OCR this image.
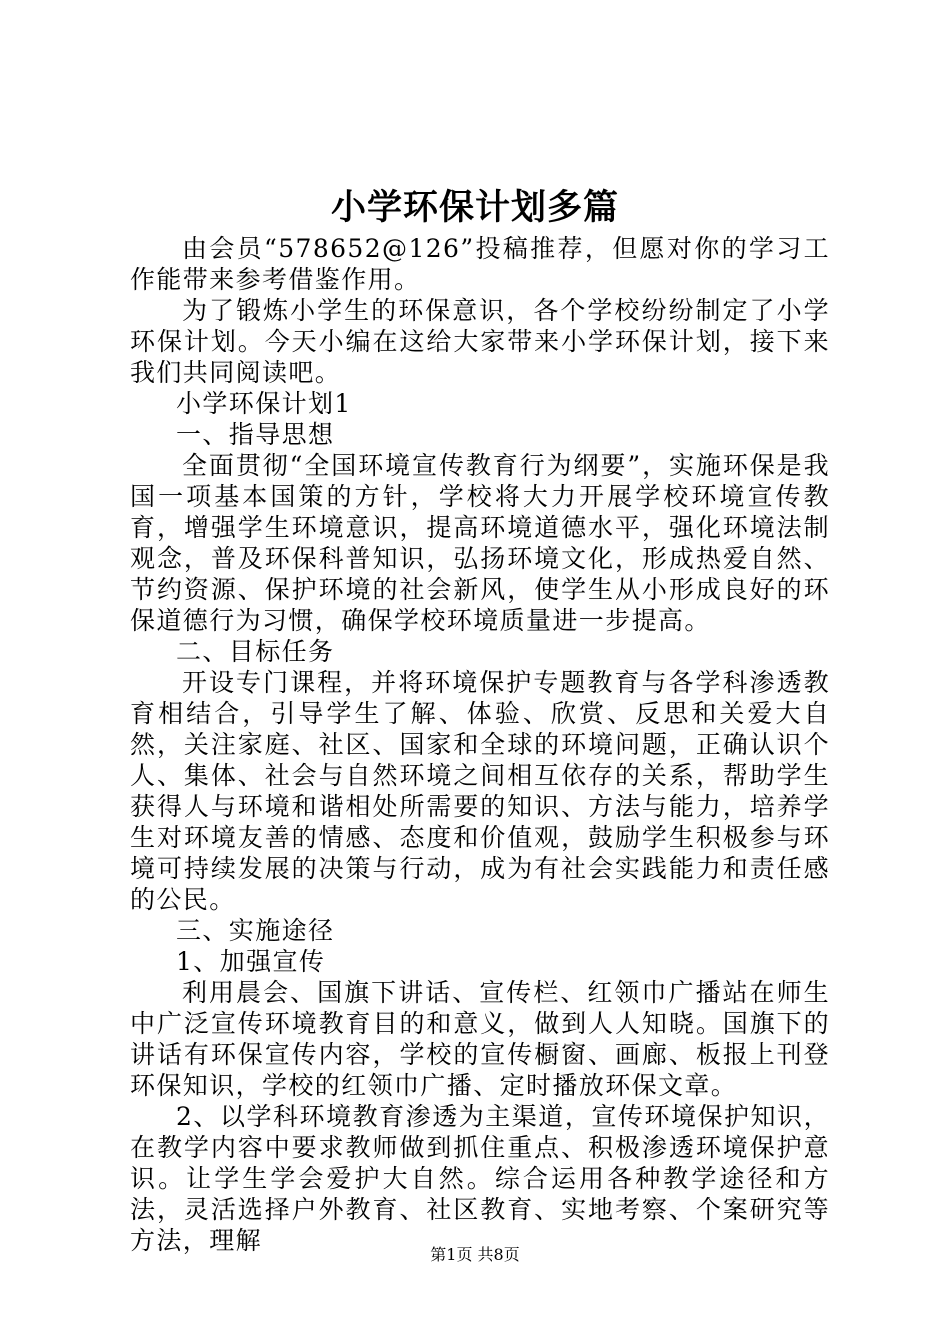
小学环保计划多篇

由会员“578652@126”投稿推荐，但愿对你的学习工作能带来参考借鉴作用。

为了锻炼小学生的环保意识，各个学校纷纷制定了小学环保计划。今天小编在这给大家带来小学环保计划，接下来我们共同阅读吧。

小学环保计划1

一、指导思想

全面贯彻“全国环境宣传教育行为纲要”，实施环保是我国一项基本国策的方针，学校将大力开展学校环境宣传教育，增强学生环境意识，提高环境道德水平，强化环境法制观念，普及环保科普知识，弘扬环境文化，形成热爱自然、节约资源、保护环境的社会新风，使学生从小形成良好的环保道德行为习惯，确保学校环境质量进一步提高。

二、目标任务

开设专门课程，并将环境保护专题教育与各学科渗透教育相结合，引导学生了解、体验、欣赏、反思和关爱大自然，关注家庭、社区、国家和全球的环境问题，正确认识个人、集体、社会与自然环境之间相互依存的关系，帮助学生获得人与环境和谐相处所需要的知识、方法与能力，培养学生对环境友善的情感、态度和价值观，鼓励学生积极参与环境可持续发展的决策与行动，成为有社会实践能力和责任感的公民。

三、实施途径

1、加强宣传

利用晨会、国旗下讲话、宣传栏、红领巾广播站在师生中广泛宣传环境教育目的和意义，做到人人知晓。国旗下的讲话有环保宣传内容，学校的宣传橱窗、画廊、板报上刊登环保知识，学校的红领巾广播、定时播放环保文章。

2、以学科环境教育渗透为主渠道，宣传环境保护知识，在教学内容中要求教师做到抓住重点、积极渗透环境保护意识。让学生学会爱护大自然。综合运用各种教学途径和方法，灵活选择户外教育、社区教育、实地考察、个案研究等方法，理解	第1页 共8页
